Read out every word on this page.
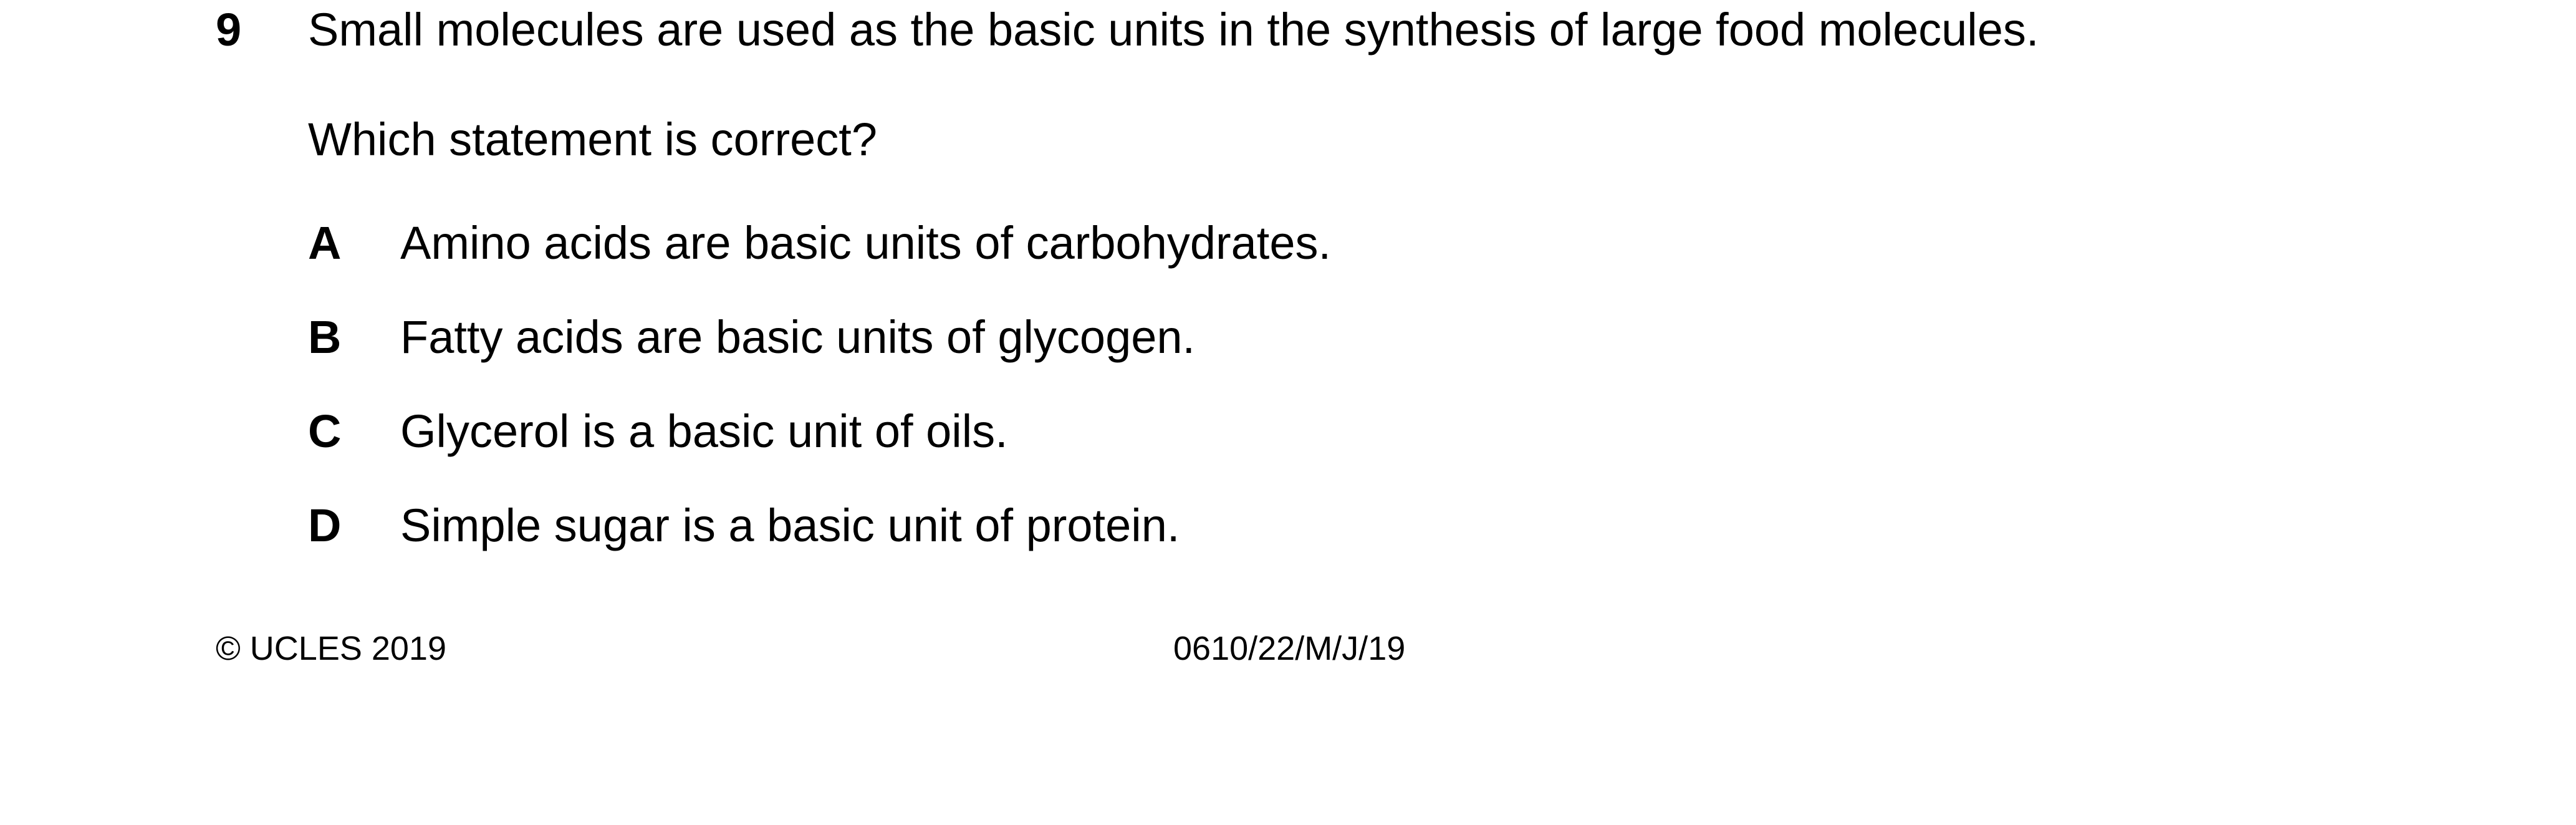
9 Small molecules are used as the basic units in the synthesis of large food molecules.
Which statement is correct?
A Amino acids are basic units of carbohydrates.
B Fatty acids are basic units of glycogen.
C Glycerol is a basic unit of oils.
D Simple sugar is a basic unit of protein.
© UCLES 2019	0610/22/M/J/19
